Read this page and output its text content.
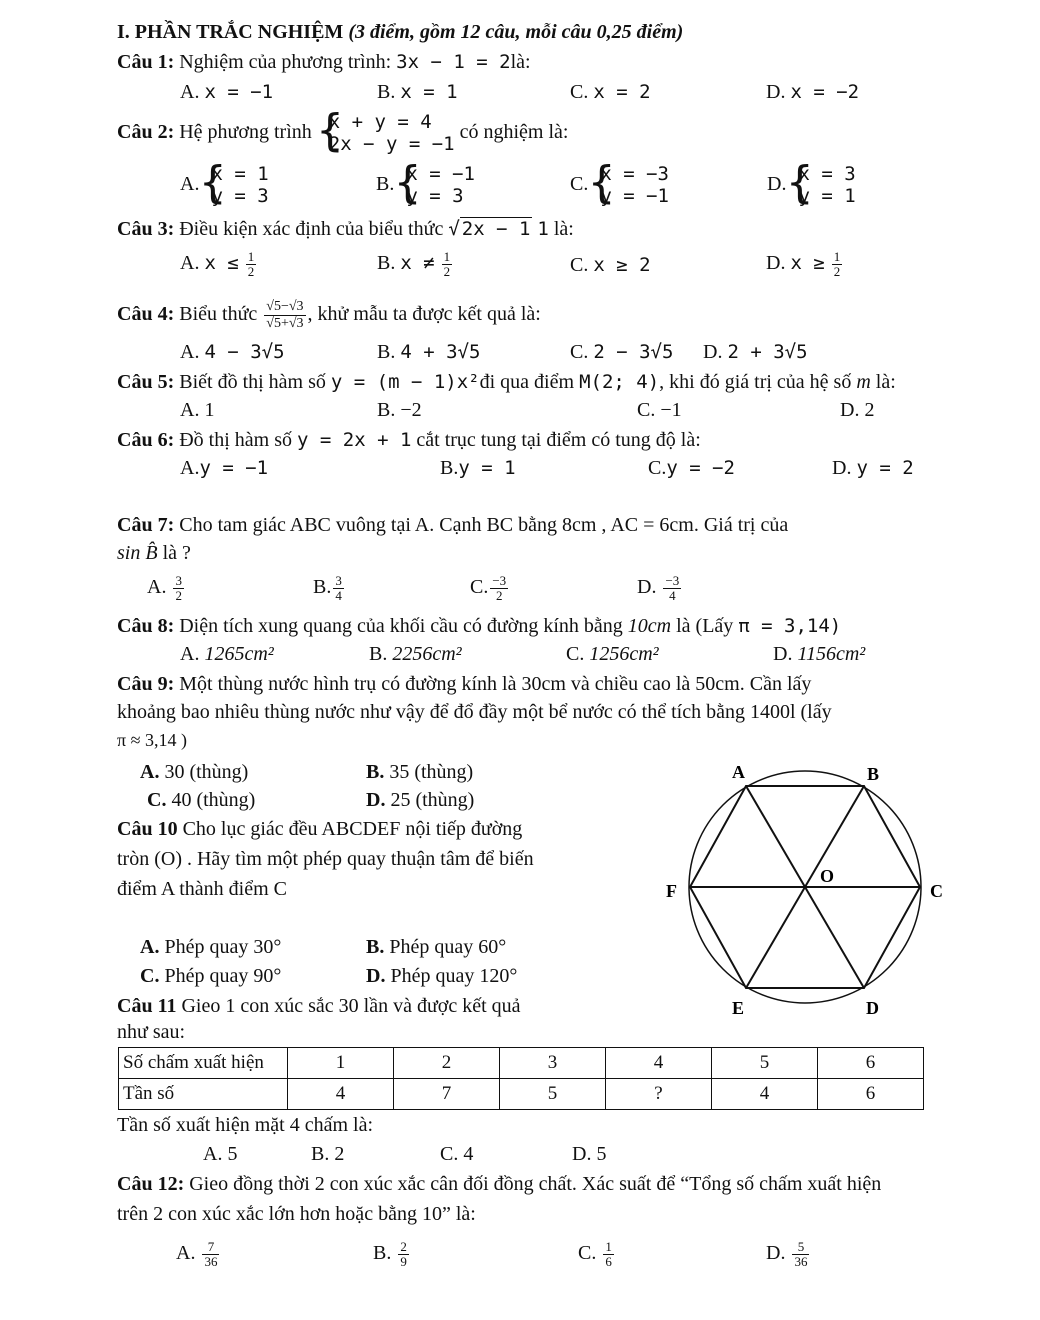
I. PHẦN TRẮC NGHIỆM (3 điểm, gồm 12 câu, mỗi câu 0,25 điểm)
Câu 1: Nghiệm của phương trình: 3x − 1 = 2là:
A. x = −1	B. x = 1	C. x = 2	D. x = −2
Câu 2: Hệ phương trình {
x + y = 4
2x − y = −1
có nghiệm là:
A. {
x = 1
y = 3
B. {
x = −1
y = 3
C. {
x = −3
y = −1
D. {
x = 3
y = 1
Câu 3: Điều kiện xác định của biểu thức √ 2x − 1 1 là:
A. $x \le \frac{1}{2}$	B. $x \ne \frac{1}{2}$	C. x ≥ 2	D. $x \ge \frac{1}{2}$
Câu 4: Biểu thức $\frac{√5-√3}{√5+√3}$ , khử mẫu ta được kết quả là:
A. 4 − 3√5	B. 4 + 3√5	C. 2 − 3√5 D. 2 + 3√5
Câu 5: Biết đồ thị hàm số y = (m − 1)x²đi qua điểm M(2; 4), khi đó giá trị của hệ số m là:
A. 1	B. −2	C. −1	D. 2
Câu 6: Đồ thị hàm số y = 2x + 1 cắt trục tung tại điểm có tung độ là:
A.y = −1	B.y = 1	C.y = −2	D. y = 2
Câu 7: Cho tam giác ABC vuông tại A. Cạnh BC bằng 8cm , AC = 6cm. Giá trị của
sin B̂ là ?
A. $\frac{3}{2}$	B. $\frac{3}{4}$	C. $\frac{-3}{2}$	D. $\frac{-3}{4}$
Câu 8: Diện tích xung quang của khối cầu có đường kính bằng 10cm là (Lấy π = 3,14)
A. 1265cm²	B. 2256cm²	C. 1256cm²	D. 1156cm²
Câu 9: Một thùng nước hình trụ có đường kính là 30cm và chiều cao là 50cm. Cần lấy
khoảng bao nhiêu thùng nước như vậy để đổ đầy một bể nước có thể tích bằng 1400l (lấy
π ≈ 3,14 )
A. 30 (thùng)	B. 35 (thùng)
C. 40 (thùng)	D. 25 (thùng)
Câu 10 Cho lục giác đều ABCDEF nội tiếp đường
tròn (O) . Hãy tìm một phép quay thuận tâm để biến
điểm A thành điểm C
A. Phép quay 30°	B. Phép quay 60°
C. Phép quay 90°	D. Phép quay 120°
A	B
C
D
E
F
O
Câu 11 Gieo 1 con xúc sắc 30 lần và được kết quả
như sau:
Số chấm xuất hiện	1	2	3	4	5	6
Tần số	4	7	5	?	4	6
Tần số xuất hiện mặt 4 chấm là:
A. 5	B. 2	C. 4	D. 5
Câu 12: Gieo đồng thời 2 con xúc xắc cân đối đồng chất. Xác suất để “Tổng số chấm xuất hiện
trên 2 con xúc xắc lớn hơn hoặc bằng 10” là:
A. $\frac{7}{36}$	B. $\frac{2}{9}$	C. $\frac{1}{6}$	D. $\frac{5}{36}$
